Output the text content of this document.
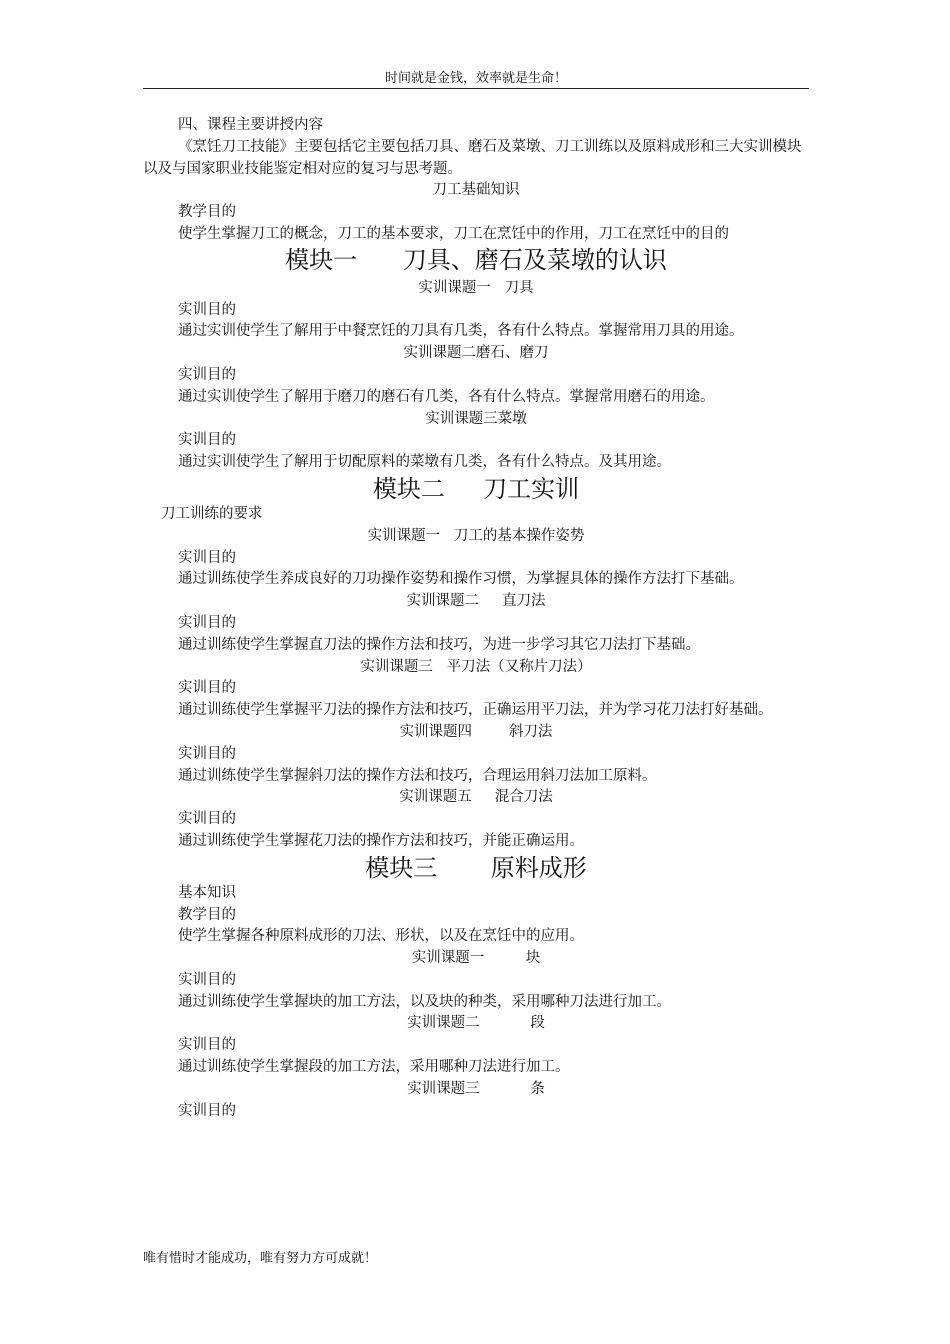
时间就是金钱，效率就是生命！

四、课程主要讲授内容

《烹饪刀工技能》主要包括它主要包括刀具、磨石及菜墩、刀工训练以及原料成形和三大实训模块以及与国家职业技能鉴定相对应的复习与思考题。

刀工基础知识

教学目的

使学生掌握刀工的概念，刀工的基本要求，刀工在烹饪中的作用，刀工在烹饪中的目的

模块一 刀具、磨石及菜墩的认识

实训课题一 刀具

实训目的

通过实训使学生了解用于中餐烹饪的刀具有几类，各有什么特点。掌握常用刀具的用途。

实训课题二磨石、磨刀

实训目的

通过实训使学生了解用于磨刀的磨石有几类，各有什么特点。掌握常用磨石的用途。

实训课题三菜墩

实训目的

通过实训使学生了解用于切配原料的菜墩有几类，各有什么特点。及其用途。

模块二 刀工实训

刀工训练的要求

实训课题一 刀工的基本操作姿势

实训目的

通过训练使学生养成良好的刀功操作姿势和操作习惯，为掌握具体的操作方法打下基础。

实训课题二 直刀法

实训目的

通过训练使学生掌握直刀法的操作方法和技巧，为进一步学习其它刀法打下基础。

实训课题三 平刀法（又称片刀法）

实训目的

通过训练使学生掌握平刀法的操作方法和技巧，正确运用平刀法，并为学习花刀法打好基础。

实训课题四	斜刀法

实训目的

通过训练使学生掌握斜刀法的操作方法和技巧，合理运用斜刀法加工原料。

实训课题五 混合刀法

实训目的

通过训练使学生掌握花刀法的操作方法和技巧，并能正确运用。

模块三 原料成形

基本知识

教学目的

使学生掌握各种原料成形的刀法、形状，以及在烹饪中的应用。

实训课题一	块

实训目的

通过训练使学生掌握块的加工方法，以及块的种类，采用哪种刀法进行加工。

实训课题二	段

实训目的

通过训练使学生掌握段的加工方法，采用哪种刀法进行加工。

实训课题三	条

实训目的

唯有惜时才能成功，唯有努力方可成就！
